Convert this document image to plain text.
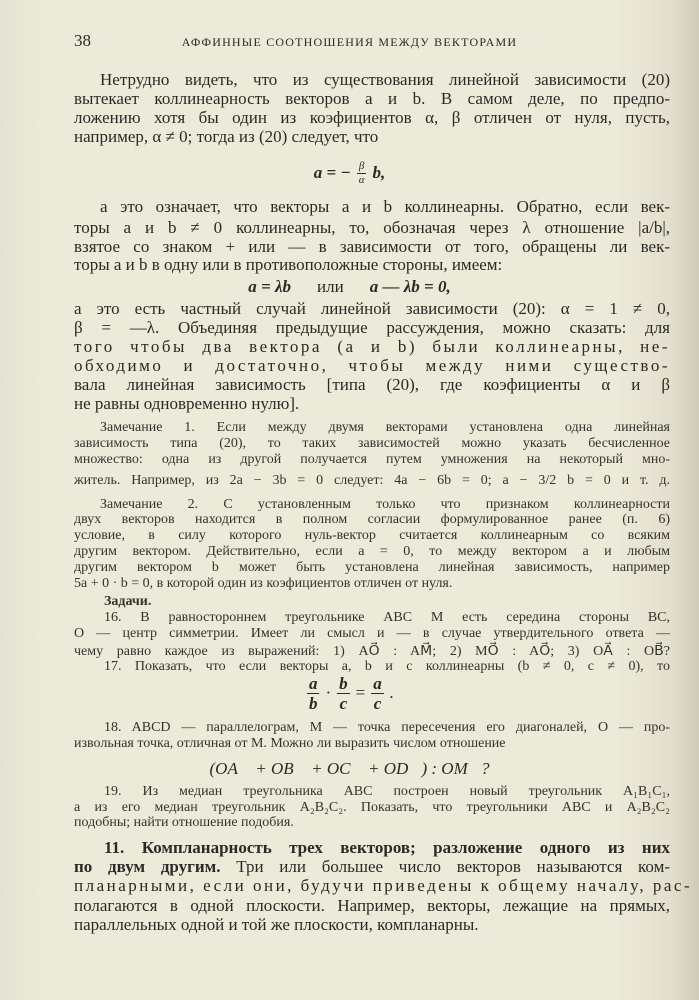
38	АФФИННЫЕ СООТНОШЕНИЯ МЕЖДУ ВЕКТОРАМИ
Нетрудно видеть, что из существования линейной зависимости (20)
вытекает коллинеарность векторов a и b. В самом деле, по предпо-
ложению хотя бы один из коэфициентов α, β отличен от нуля, пусть,
например, α ≠ 0; тогда из (20) следует, что
а это означает, что векторы a и b коллинеарны. Обратно, если век-
торы a и b ≠ 0 коллинеарны, то, обозначая через λ отношение |a/b|,
взятое со знаком + или — в зависимости от того, обращены ли век-
торы a и b в одну или в противоположные стороны, имеем:
а это есть частный случай линейной зависимости (20): α = 1 ≠ 0,
β = —λ. Объединяя предыдущие рассуждения, можно сказать: для
того чтобы два вектора (a и b) были коллинеарны, не-
обходимо и достаточно, чтобы между ними существо-
вала линейная зависимость [типа (20), где коэфициенты α и β
не равны одновременно нулю].
Замечание 1. Если между двумя векторами установлена одна линейная
зависимость типа (20), то таких зависимостей можно указать бесчисленное
множество: одна из другой получается путем умножения на некоторый мно-
житель. Например, из 2a − 3b = 0 следует: 4a − 6b = 0; a − 3/2 b = 0 и т. д.
Замечание 2. С установленным только что признаком коллинеарности
двух векторов находится в полном согласии формулированное ранее (п. 6)
условие, в силу которого нуль-вектор считается коллинеарным со всяким
другим вектором. Действительно, если a = 0, то между вектором a и любым
другим вектором b может быть установлена линейная зависимость, например
5a + 0 · b = 0, в которой один из коэфициентов отличен от нуля.
Задачи.
16. В равностороннем треугольнике ABC M есть середина стороны BC,
O — центр симметрии. Имеет ли смысл и — в случае утвердительного ответа —
чему равно каждое из выражений: 1) AO⃗ : AM⃗; 2) MO⃗ : AO⃗; 3) OA⃗ : OB⃗?
17. Показать, что если векторы a, b и c коллинеарны (b ≠ 0, c ≠ 0), то
18. ABCD — параллелограм, M — точка пересечения его диагоналей, O — про-
извольная точка, отличная от M. Можно ли выразить числом отношение
19. Из медиан треугольника ABC построен новый треугольник A₁B₁C₁,
а из его медиан треугольник A₂B₂C₂. Показать, что треугольники ABC и A₂B₂C₂
подобны; найти отношение подобия.
11. Компланарность трех векторов; разложение одного из них
планарными, если они, будучи приведены к общему началу, рас-
полагаются в одной плоскости. Например, векторы, лежащие на прямых,
параллельных одной и той же плоскости, компланарны.
по двум другим. Три или большее число векторов называются ком-
a = − $\frac{\beta}{\alpha} b$,
a = λb или a — λb = 0,
$\frac{a}{b} \cdot \frac{b}{c} = \frac{a}{c}$ .
(OA⃗ + OB⃗ + OC⃗ + OD⃗) : OM⃗?
